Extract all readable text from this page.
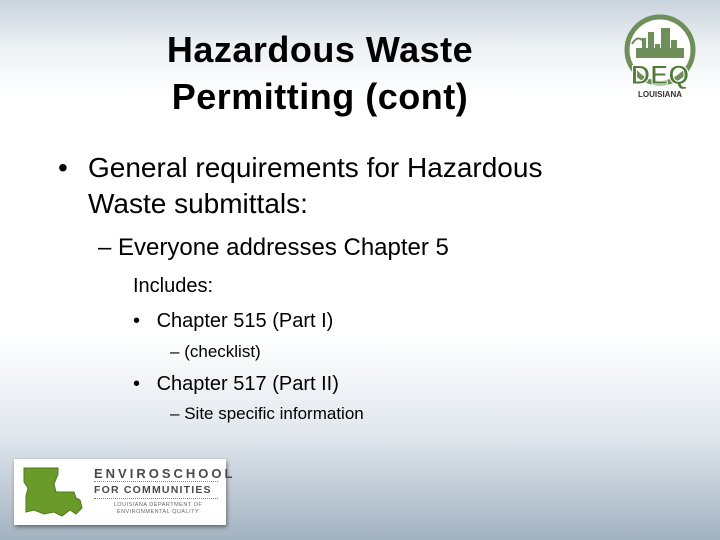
Hazardous Waste
Permitting (cont)
DEQ
LOUISIANA
• General requirements for Hazardous
Waste submittals:
– Everyone addresses Chapter 5
Includes:
• Chapter 515 (Part I)
– (checklist)
• Chapter 517 (Part II)
– Site specific information
ENVIROSCHOOL
FOR COMMUNITIES
LOUISIANA DEPARTMENT OF ENVIRONMENTAL QUALITY
